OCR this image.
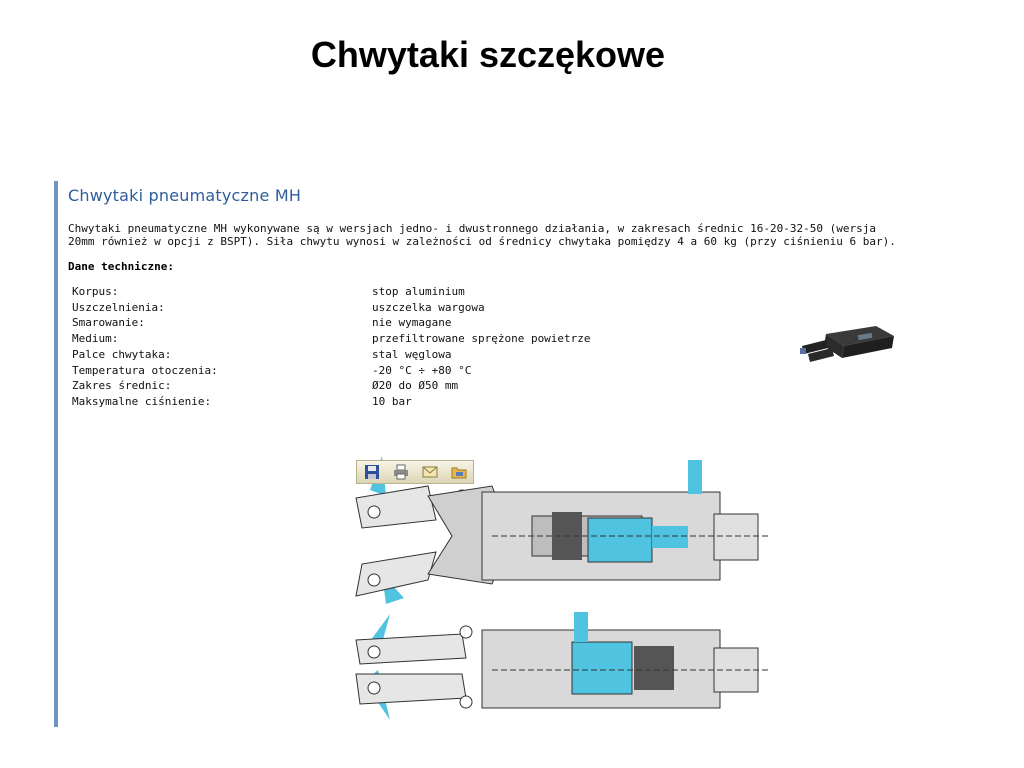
Chwytaki szczękowe
Chwytaki pneumatyczne MH

Chwytaki pneumatyczne MH wykonywane są w wersjach jedno- i dwustronnego działania, w zakresach średnic 16-20-32-50 (wersja
20mm również w opcji z BSPT). Siła chwytu wynosi w zależności od średnicy chwytaka pomiędzy 4 a 60 kg (przy ciśnieniu 6 bar).

Dane techniczne:

Korpus:	stop aluminium
Uszczelnienia:	uszczelka wargowa
Smarowanie:	nie wymagane
Medium:	przefiltrowane sprężone powietrze
Palce chwytaka:	stal węglowa
Temperatura otoczenia:	-20 °C ÷ +80 °C
Zakres średnic:	Ø20 do Ø50 mm
Maksymalne ciśnienie:	10 bar
